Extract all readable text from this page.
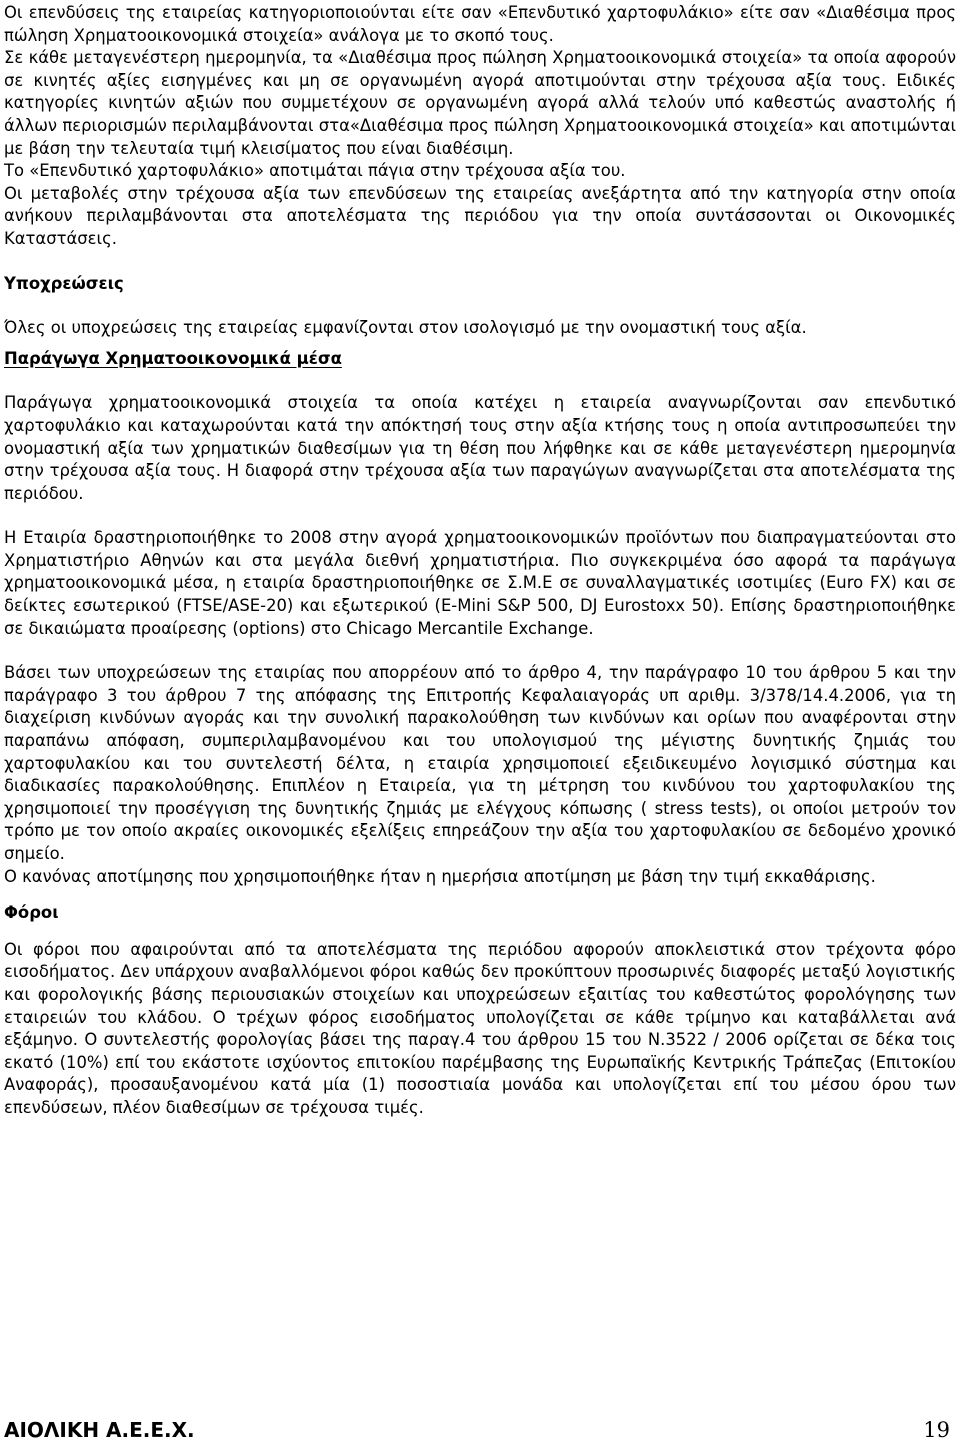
Οι επενδύσεις της εταιρείας κατηγοριοποιούνται είτε σαν «Επενδυτικό χαρτοφυλάκιο» είτε σαν «Διαθέσιμα προς πώληση Χρηματοοικονομικά στοιχεία» ανάλογα με το σκοπό τους.

Σε κάθε μεταγενέστερη ημερομηνία, τα «Διαθέσιμα προς πώληση Χρηματοοικονομικά στοιχεία» τα οποία αφορούν σε κινητές αξίες εισηγμένες και μη σε οργανωμένη αγορά αποτιμούνται στην τρέχουσα αξία τους. Ειδικές κατηγορίες κινητών αξιών που συμμετέχουν σε οργανωμένη αγορά αλλά τελούν υπό καθεστώς αναστολής ή άλλων περιορισμών περιλαμβάνονται στα«Διαθέσιμα προς πώληση Χρηματοοικονομικά στοιχεία» και αποτιμώνται με βάση την τελευταία τιμή κλεισίματος που είναι διαθέσιμη.

Το «Επενδυτικό χαρτοφυλάκιο» αποτιμάται πάγια στην τρέχουσα αξία του.

Οι μεταβολές στην τρέχουσα αξία των επενδύσεων της εταιρείας ανεξάρτητα από την κατηγορία στην οποία ανήκουν περιλαμβάνονται στα αποτελέσματα της περιόδου για την οποία συντάσσονται οι Οικονομικές Καταστάσεις.

Υποχρεώσεις

Όλες οι υποχρεώσεις της εταιρείας εμφανίζονται στον ισολογισμό με την ονομαστική τους αξία.

Παράγωγα Χρηματοοικονομικά μέσα

Παράγωγα χρηματοοικονομικά στοιχεία τα οποία κατέχει η εταιρεία αναγνωρίζονται σαν επενδυτικό χαρτοφυλάκιο και καταχωρούνται κατά την απόκτησή τους στην αξία κτήσης τους η οποία αντιπροσωπεύει την ονομαστική αξία των χρηματικών διαθεσίμων για τη θέση που λήφθηκε και σε κάθε μεταγενέστερη ημερομηνία στην τρέχουσα αξία τους. Η διαφορά στην τρέχουσα αξία των παραγώγων αναγνωρίζεται στα αποτελέσματα της περιόδου.

Η Εταιρία δραστηριοποιήθηκε το 2008 στην αγορά χρηματοοικονομικών προϊόντων που διαπραγματεύονται στο Χρηματιστήριο Αθηνών και στα μεγάλα διεθνή χρηματιστήρια. Πιο συγκεκριμένα όσο αφορά τα παράγωγα χρηματοοικονομικά μέσα, η εταιρία δραστηριοποιήθηκε σε Σ.Μ.Ε σε συναλλαγματικές ισοτιμίες (Euro FX) και σε δείκτες εσωτερικού (FTSE/ASE-20) και εξωτερικού (E-Mini S&P 500, DJ Eurostoxx 50). Επίσης δραστηριοποιήθηκε σε δικαιώματα προαίρεσης (options) στο Chicago Mercantile Exchange.

Βάσει των υποχρεώσεων της εταιρίας που απορρέουν από το άρθρο 4, την παράγραφο 10 του άρθρου 5 και την παράγραφο 3 του άρθρου 7 της απόφασης της Επιτροπής Κεφαλαιαγοράς υπ αριθμ. 3/378/14.4.2006, για τη διαχείριση κινδύνων αγοράς και την συνολική παρακολούθηση των κινδύνων και ορίων που αναφέρονται στην παραπάνω απόφαση, συμπεριλαμβανομένου και του υπολογισμού της μέγιστης δυνητικής ζημιάς του χαρτοφυλακίου και του συντελεστή δέλτα, η εταιρία χρησιμοποιεί εξειδικευμένο λογισμικό σύστημα και διαδικασίες παρακολούθησης. Επιπλέον η Εταιρεία, για τη μέτρηση του κινδύνου του χαρτοφυλακίου της χρησιμοποιεί την προσέγγιση της δυνητικής ζημιάς με ελέγχους κόπωσης ( stress tests), οι οποίοι μετρούν τον τρόπο με τον οποίο ακραίες οικονομικές εξελίξεις επηρεάζουν την αξία του χαρτοφυλακίου σε δεδομένο χρονικό σημείο.

Ο κανόνας αποτίμησης που χρησιμοποιήθηκε ήταν η ημερήσια αποτίμηση με βάση την τιμή εκκαθάρισης.

Φόροι

Οι φόροι που αφαιρούνται από τα αποτελέσματα της περιόδου αφορούν αποκλειστικά στον τρέχοντα φόρο εισοδήματος. Δεν υπάρχουν αναβαλλόμενοι φόροι καθώς δεν προκύπτουν προσωρινές διαφορές μεταξύ λογιστικής και φορολογικής βάσης περιουσιακών στοιχείων και υποχρεώσεων εξαιτίας του καθεστώτος φορολόγησης των εταιρειών του κλάδου. Ο τρέχων φόρος εισοδήματος υπολογίζεται σε κάθε τρίμηνο και καταβάλλεται ανά εξάμηνο. Ο συντελεστής φορολογίας βάσει της παραγ.4 του άρθρου 15 του Ν.3522 / 2006 ορίζεται σε δέκα τοις εκατό (10%) επί του εκάστοτε ισχύοντος επιτοκίου παρέμβασης της Ευρωπαϊκής Κεντρικής Τράπεζας (Επιτοκίου Αναφοράς), προσαυξανομένου κατά μία (1) ποσοστιαία μονάδα και υπολογίζεται επί του μέσου όρου των επενδύσεων, πλέον διαθεσίμων σε τρέχουσα τιμές.

ΑΙΟΛΙΚΗ Α.Ε.Ε.Χ.	19
